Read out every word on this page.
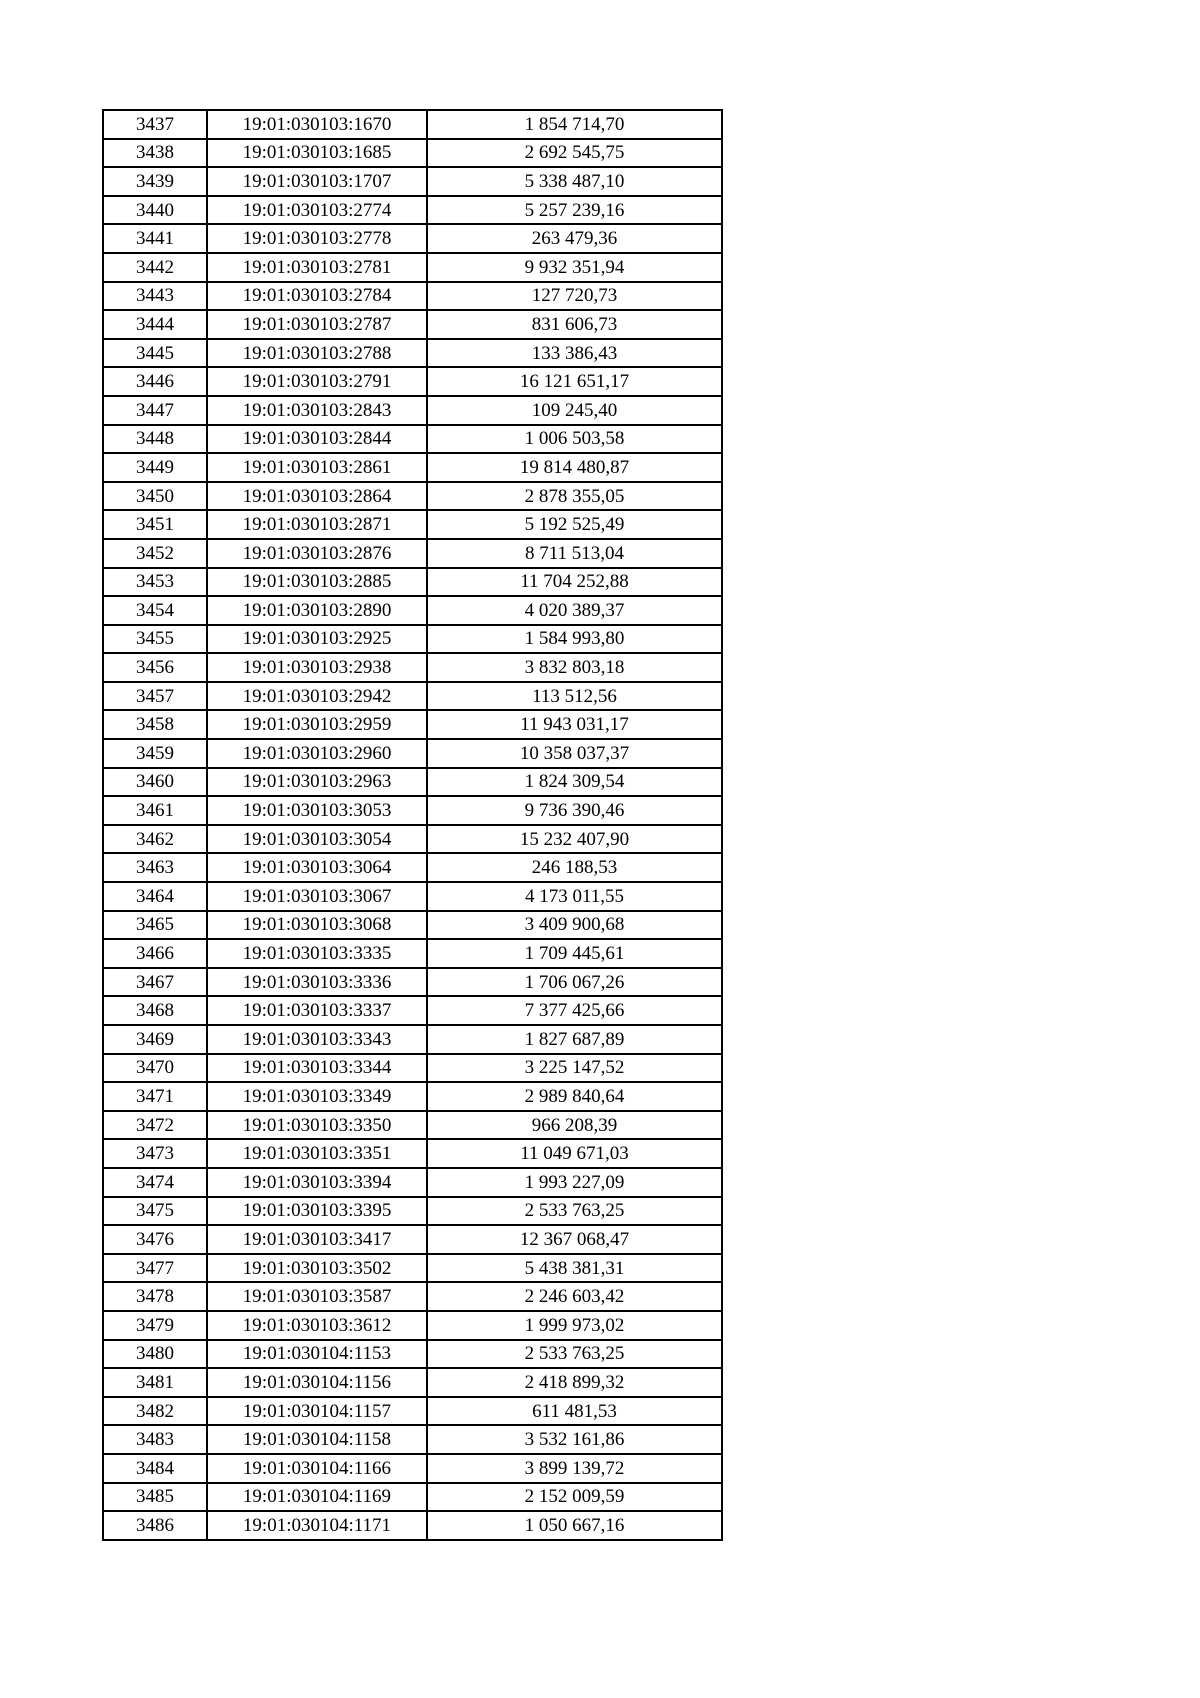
3437	19:01:030103:1670	1 854 714,70
3438	19:01:030103:1685	2 692 545,75
3439	19:01:030103:1707	5 338 487,10
3440	19:01:030103:2774	5 257 239,16
3441	19:01:030103:2778	263 479,36
3442	19:01:030103:2781	9 932 351,94
3443	19:01:030103:2784	127 720,73
3444	19:01:030103:2787	831 606,73
3445	19:01:030103:2788	133 386,43
3446	19:01:030103:2791	16 121 651,17
3447	19:01:030103:2843	109 245,40
3448	19:01:030103:2844	1 006 503,58
3449	19:01:030103:2861	19 814 480,87
3450	19:01:030103:2864	2 878 355,05
3451	19:01:030103:2871	5 192 525,49
3452	19:01:030103:2876	8 711 513,04
3453	19:01:030103:2885	11 704 252,88
3454	19:01:030103:2890	4 020 389,37
3455	19:01:030103:2925	1 584 993,80
3456	19:01:030103:2938	3 832 803,18
3457	19:01:030103:2942	113 512,56
3458	19:01:030103:2959	11 943 031,17
3459	19:01:030103:2960	10 358 037,37
3460	19:01:030103:2963	1 824 309,54
3461	19:01:030103:3053	9 736 390,46
3462	19:01:030103:3054	15 232 407,90
3463	19:01:030103:3064	246 188,53
3464	19:01:030103:3067	4 173 011,55
3465	19:01:030103:3068	3 409 900,68
3466	19:01:030103:3335	1 709 445,61
3467	19:01:030103:3336	1 706 067,26
3468	19:01:030103:3337	7 377 425,66
3469	19:01:030103:3343	1 827 687,89
3470	19:01:030103:3344	3 225 147,52
3471	19:01:030103:3349	2 989 840,64
3472	19:01:030103:3350	966 208,39
3473	19:01:030103:3351	11 049 671,03
3474	19:01:030103:3394	1 993 227,09
3475	19:01:030103:3395	2 533 763,25
3476	19:01:030103:3417	12 367 068,47
3477	19:01:030103:3502	5 438 381,31
3478	19:01:030103:3587	2 246 603,42
3479	19:01:030103:3612	1 999 973,02
3480	19:01:030104:1153	2 533 763,25
3481	19:01:030104:1156	2 418 899,32
3482	19:01:030104:1157	611 481,53
3483	19:01:030104:1158	3 532 161,86
3484	19:01:030104:1166	3 899 139,72
3485	19:01:030104:1169	2 152 009,59
3486	19:01:030104:1171	1 050 667,16
